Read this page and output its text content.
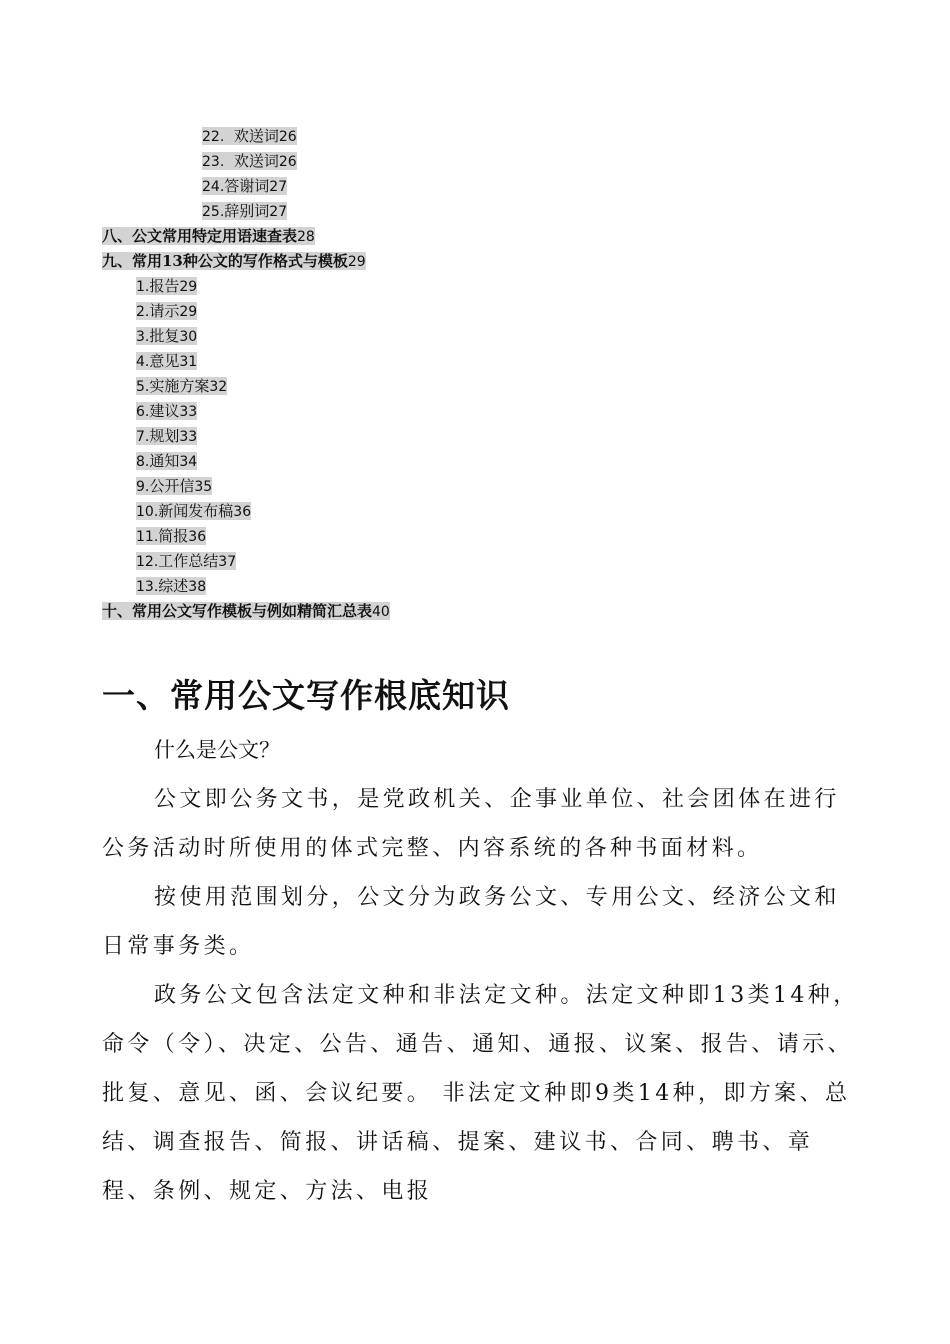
22. 欢送词26
23. 欢送词26
24.答谢词27
25.辞别词27
八、公文常用特定用语速查表28
九、常用13种公文的写作格式与模板29
1.报告29
2.请示29
3.批复30
4.意见31
5.实施方案32
6.建议33
7.规划33
8.通知34
9.公开信35
10.新闻发布稿36
11.简报36
12.工作总结37
13.综述38
十、常用公文写作模板与例如精简汇总表40
一、常用公文写作根底知识
什么是公文？
公文即公务文书，是党政机关、企事业单位、社会团体在进行公务活动时所使用的体式完整、内容系统的各种书面材料。
按使用范围划分，公文分为政务公文、专用公文、经济公文和日常事务类。
政务公文包含法定文种和非法定文种。法定文种即13类14种，命令（令）、决定、公告、通告、通知、通报、议案、报告、请示、批复、意见、函、会议纪要。 非法定文种即9类14种，即方案、总结、调查报告、简报、讲话稿、提案、建议书、合同、聘书、章程、条例、规定、方法、电报
